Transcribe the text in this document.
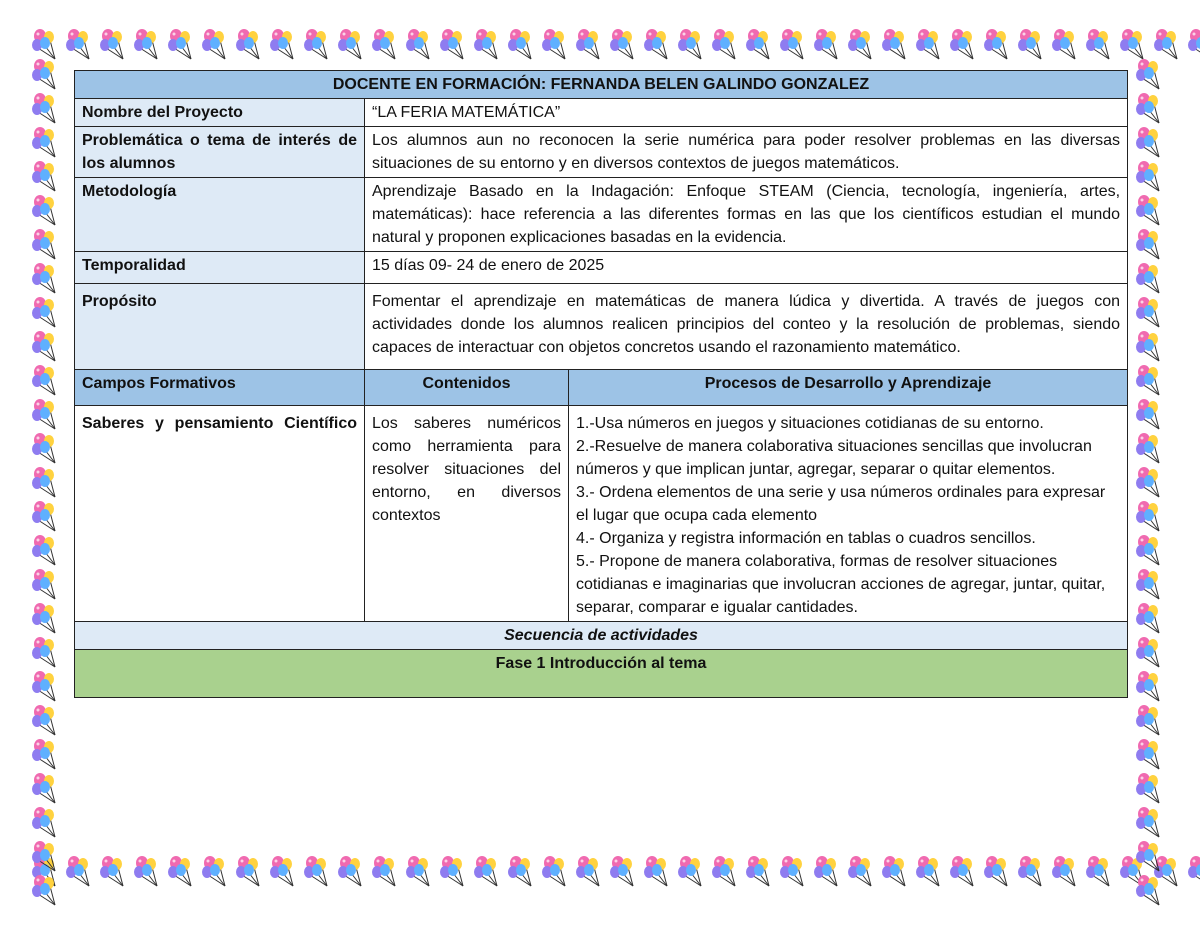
DOCENTE EN FORMACIÓN: FERNANDA BELEN GALINDO GONZALEZ		
Nombre del Proyecto	“LA FERIA MATEMÁTICA”	
Problemática o tema de interés de los alumnos	Los alumnos aun no reconocen la serie numérica para poder resolver problemas en las diversas situaciones de su entorno y en diversos contextos de juegos matemáticos.	
Metodología	Aprendizaje Basado en la Indagación: Enfoque STEAM (Ciencia, tecnología, ingeniería, artes, matemáticas): hace referencia a las diferentes formas en las que los científicos estudian el mundo natural y proponen explicaciones basadas en la evidencia.	
Temporalidad	15 días 09- 24 de enero de 2025	
Propósito	Fomentar el aprendizaje en matemáticas de manera lúdica y divertida. A través de juegos con actividades donde los alumnos realicen principios del conteo y la resolución de problemas, siendo capaces de interactuar con objetos concretos usando el razonamiento matemático.	
Campos Formativos	Contenidos	Procesos de Desarrollo y Aprendizaje
Saberes y pensamiento Científico	Los saberes numéricos como herramienta para resolver situaciones del entorno, en diversos contextos	1.-Usa números en juegos y situaciones cotidianas de su entorno.
2.-Resuelve de manera colaborativa situaciones sencillas que involucran números y que implican juntar, agregar, separar o quitar elementos.
3.- Ordena elementos de una serie y usa números ordinales para expresar el lugar que ocupa cada elemento
4.- Organiza y registra información en tablas o cuadros sencillos.
5.- Propone de manera colaborativa, formas de resolver situaciones cotidianas e imaginarias que involucran acciones de agregar, juntar, quitar, separar, comparar e igualar cantidades.

Secuencia de actividades		
Fase 1 Introducción al tema		
